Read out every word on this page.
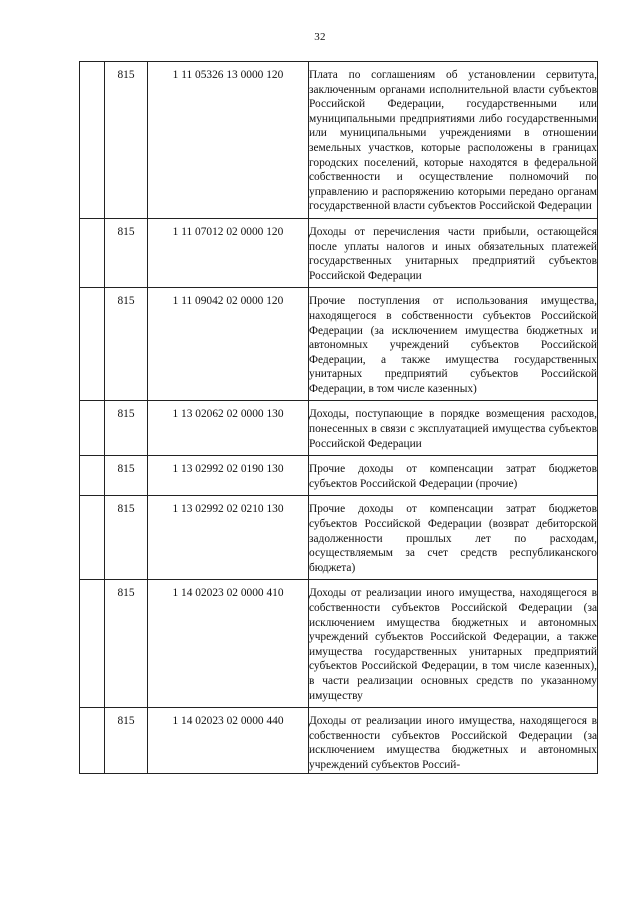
32
	815	1 11 05326 13 0000 120	Плата по соглашениям об установлении сервитута, заключенным органами исполнительной власти субъектов Российской Федерации, государственными или муниципальными предприятиями либо государственными или муниципальными учреждениями в отношении земельных участков, которые расположены в границах городских поселений, которые находятся в федеральной собственности и осуществление полномочий по управлению и распоряжению которыми передано органам государственной власти субъектов Российской Федерации
	815	1 11 07012 02 0000 120	Доходы от перечисления части прибыли, остающейся после уплаты налогов и иных обязательных платежей государственных унитарных предприятий субъектов Российской Федерации
	815	1 11 09042 02 0000 120	Прочие поступления от использования имущества, находящегося в собственности субъектов Российской Федерации (за исключением имущества бюджетных и автономных учреждений субъектов Российской Федерации, а также имущества государственных унитарных предприятий субъектов Российской Федерации, в том числе казенных)
	815	1 13 02062 02 0000 130	Доходы, поступающие в порядке возмещения расходов, понесенных в связи с эксплуатацией имущества субъектов Российской Федерации
	815	1 13 02992 02 0190 130	Прочие доходы от компенсации затрат бюджетов субъектов Российской Федерации (прочие)
	815	1 13 02992 02 0210 130	Прочие доходы от компенсации затрат бюджетов субъектов Российской Федерации (возврат дебиторской задолженности прошлых лет по расходам, осуществляемым за счет средств республиканского бюджета)
	815	1 14 02023 02 0000 410	Доходы от реализации иного имущества, находящегося в собственности субъектов Российской Федерации (за исключением имущества бюджетных и автономных учреждений субъектов Российской Федерации, а также имущества государственных унитарных предприятий субъектов Российской Федерации, в том числе казенных), в части реализации основных средств по указанному имуществу
	815	1 14 02023 02 0000 440	Доходы от реализации иного имущества, находящегося в собственности субъектов Российской Федерации (за исключением имущества бюджетных и автономных учреждений субъектов Россий-
